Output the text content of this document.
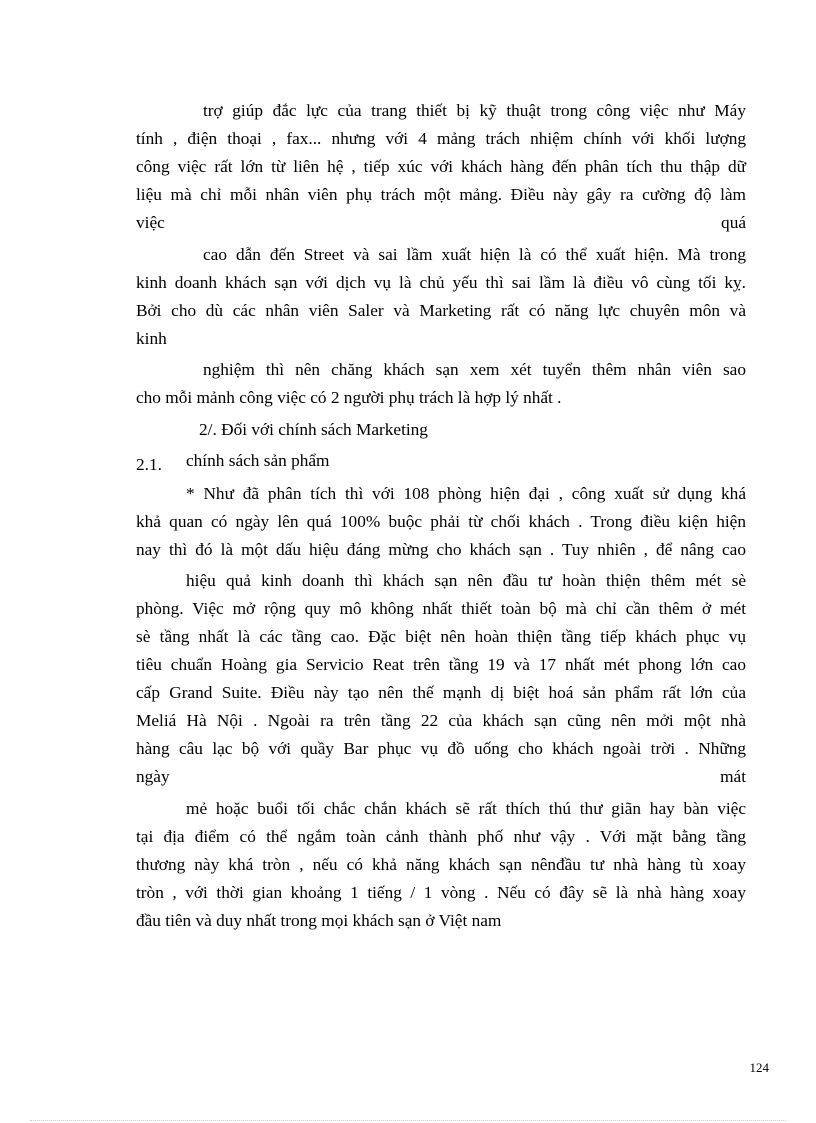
trợ giúp đắc lực của trang thiết bị kỹ thuật trong công việc như Máy
tính , điện thoại , fax... nhưng với 4 mảng trách nhiệm chính với khối lượng
công việc rất lớn từ liên hệ , tiếp xúc với khách hàng đến phân tích thu thập dữ
liệu mà chỉ mỗi nhân viên phụ trách một mảng. Điều này gây ra cường độ làm
việc	quá
cao dẫn đến Street và sai lầm xuất hiện là có thể xuất hiện. Mà trong
kinh doanh khách sạn với dịch vụ là chủ yếu thì sai lầm là điều vô cùng tối kỵ.
Bởi cho dù các nhân viên Saler và Marketing rất có năng lực chuyên môn và
kinh
nghiệm thì nên chăng khách sạn xem xét tuyển thêm nhân viên sao
cho mỗi mảnh công việc có 2 người phụ trách là hợp lý nhất .
2/. Đối với chính sách Marketing
2.1. chính sách sản phẩm
* Như đã phân tích thì với 108 phòng hiện đại , công xuất sử dụng khá
khả quan có ngày lên quá 100% buộc phải từ chối khách . Trong điều kiện hiện
nay thì đó là một dấu hiệu đáng mừng cho khách sạn . Tuy nhiên , để nâng cao
hiệu quả kinh doanh thì khách sạn nên đầu tư hoàn thiện thêm mét sè
phòng. Việc mở rộng quy mô không nhất thiết toàn bộ mà chỉ cần thêm ở mét
sè tầng nhất là các tầng cao. Đặc biệt nên hoàn thiện tầng tiếp khách phục vụ
tiêu chuẩn Hoàng gia Servicio Reat trên tầng 19 và 17 nhất mét phong lớn cao
cấp Grand Suite. Điều này tạo nên thế mạnh dị biệt hoá sản phẩm rất lớn của
Meliá Hà Nội . Ngoài ra trên tầng 22 của khách sạn cũng nên mởi một nhà
hàng câu lạc bộ với quầy Bar phục vụ đồ uống cho khách ngoài trời . Những
ngày	mát
mẻ hoặc buổi tối chắc chắn khách sẽ rất thích thú thư giãn hay bàn việc
tại địa điểm có thể ngắm toàn cảnh thành phố như vậy . Với mặt bằng tầng
thương này khá tròn , nếu có khả năng khách sạn nênđầu tư nhà hàng tù xoay
tròn , với thời gian khoảng 1 tiếng / 1 vòng . Nếu có đây sẽ là nhà hàng xoay
đầu tiên và duy nhất trong mọi khách sạn ở Việt nam
124
